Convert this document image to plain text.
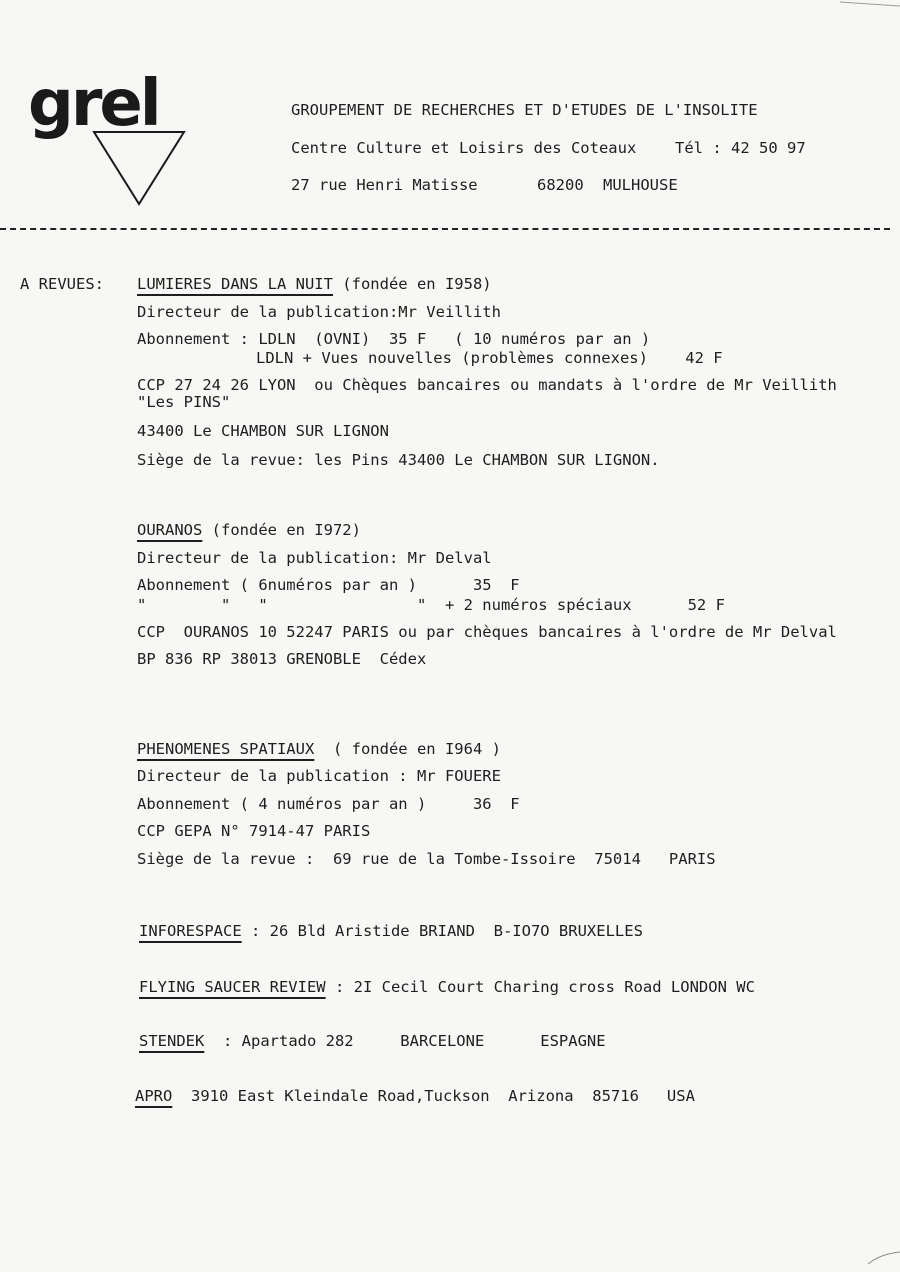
grel	GROUPEMENT DE RECHERCHES ET D'ETUDES DE L'INSOLITE
Centre Culture et Loisirs des Coteaux Tél : 42 50 97
27 rue Henri Matisse	68200 MULHOUSE
A REVUES: LUMIERES DANS LA NUIT (fondée en I958)
Directeur de la publication:Mr Veillith
Abonnement : LDLN  (OVNI)  35 F   ( 10 numéros par an )
LDLN + Vues nouvelles (problèmes connexes)    42 F
CCP 27 24 26 LYON  ou Chèques bancaires ou mandats à l'ordre de Mr Veillith
"Les PINS"
43400 Le CHAMBON SUR LIGNON
Siège de la revue: les Pins 43400 Le CHAMBON SUR LIGNON.
OURANOS (fondée en I972)
Directeur de la publication: Mr Delval
Abonnement ( 6numéros par an )      35  F
"        "   "                "  + 2 numéros spéciaux      52 F
CCP  OURANOS 10 52247 PARIS ou par chèques bancaires à l'ordre de Mr Delval
BP 836 RP 38013 GRENOBLE  Cédex
PHENOMENES SPATIAUX  ( fondée en I964 )
Directeur de la publication : Mr FOUERE
Abonnement ( 4 numéros par an )     36  F
CCP GEPA N° 7914-47 PARIS
Siège de la revue :  69 rue de la Tombe-Issoire  75014   PARIS
INFORESPACE : 26 Bld Aristide BRIAND  B-IO7O BRUXELLES
FLYING SAUCER REVIEW : 2I Cecil Court Charing cross Road LONDON WC
STENDEK  : Apartado 282     BARCELONE      ESPAGNE
APRO  3910 East Kleindale Road,Tuckson  Arizona  85716   USA
